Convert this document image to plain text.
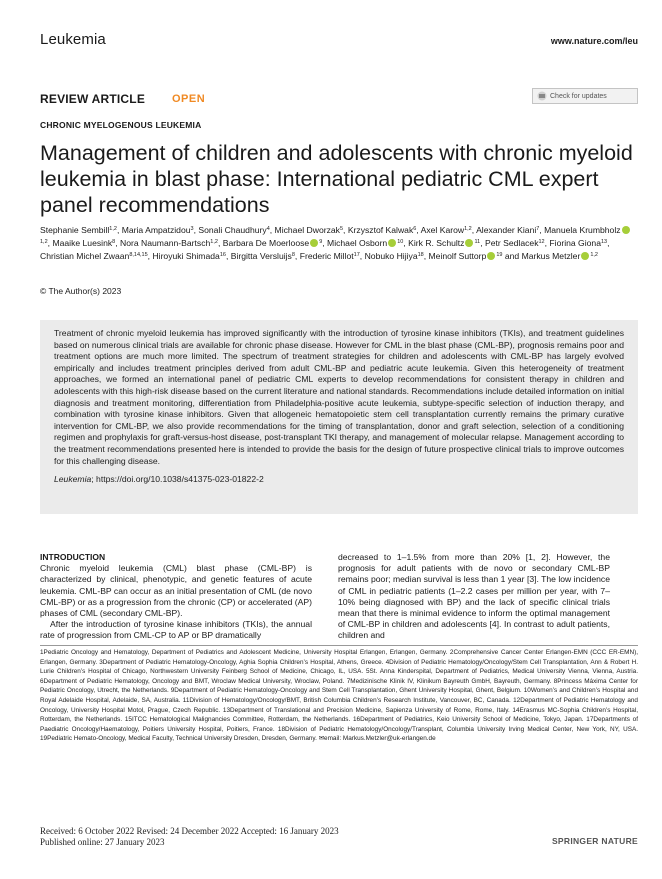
Leukemia	www.nature.com/leu
REVIEW ARTICLE OPEN	Check for updates
CHRONIC MYELOGENOUS LEUKEMIA
Management of children and adolescents with chronic myeloid leukemia in blast phase: International pediatric CML expert panel recommendations
Stephanie Sembill$^{1,2}$, Maria Ampatzidou$^3$, Sonali Chaudhury$^4$, Michael Dworzak$^5$, Krzysztof Kalwak$^6$, Axel Karow$^{1,2}$, Alexander Kiani$^7$, Manuela Krumbholz$^{1,2}$, Maaike Luesink$^8$, Nora Naumann-Bartsch$^{1,2}$, Barbara De Moerloose $^9$, Michael Osborn $^{10}$, Kirk R. Schultz $^{11}$, Petr Sedlacek$^{12}$, Fiorina Giona$^{13}$, Christian Michel Zwaan$^{8,14,15}$, Hiroyuki Shimada$^{16}$, Birgitta Versluijs$^8$, Frederic Millot$^{17}$, Nobuko Hijiya$^{18}$, Meinolf Suttorp $^{19}$ and Markus Metzler $^{1,2}$
© The Author(s) 2023

Treatment of chronic myeloid leukemia has improved significantly with the introduction of tyrosine kinase inhibitors (TKIs), and treatment guidelines based on numerous clinical trials are available for chronic phase disease. However for CML in the blast phase (CML-BP), prognosis remains poor and treatment options are much more limited. The spectrum of treatment strategies for children and adolescents with CML-BP has largely evolved empirically and includes treatment principles derived from adult CML-BP and pediatric acute leukemia. Given this heterogeneity of treatment approaches, we formed an international panel of pediatric CML experts to develop recommendations for consistent therapy in children and adolescents with this high-risk disease based on the current literature and national standards. Recommendations include detailed information on initial diagnosis and treatment monitoring, differentiation from Philadelphia-positive acute leukemia, subtype-specific selection of induction therapy, and combination with tyrosine kinase inhibitors. Given that allogeneic hematopoietic stem cell transplantation currently remains the primary curative intervention for CML-BP, we also provide recommendations for the timing of transplantation, donor and graft selection, selection of a conditioning regimen and prophylaxis for graft-versus-host disease, post-transplant TKI therapy, and management of molecular relapse. Management according to the treatment recommendations presented here is intended to provide the basis for the design of future prospective clinical trials to improve outcomes for this challenging disease.

Leukemia; https://doi.org/10.1038/s41375-023-01822-2

INTRODUCTION

Chronic myeloid leukemia (CML) blast phase (CML-BP) is characterized by clinical, phenotypic, and genetic features of acute leukemia. CML-BP can occur as an initial presentation of CML (de novo CML-BP) or as a progression from the chronic (CP) or accelerated (AP) phases of CML (secondary CML-BP).

After the introduction of tyrosine kinase inhibitors (TKIs), the annual rate of progression from CML-CP to AP or BP dramatically

decreased to 1–1.5% from more than 20% [1, 2]. However, the prognosis for adult patients with de novo or secondary CML-BP remains poor; median survival is less than 1 year [3]. The low incidence of CML in pediatric patients (1–2.2 cases per million per year, with 7–10% being diagnosed with BP) and the lack of specific clinical trials mean that there is minimal evidence to inform the optimal management of CML-BP in children and adolescents [4]. In contrast to adult patients, children and

1Pediatric Oncology and Hematology, Department of Pediatrics and Adolescent Medicine, University Hospital Erlangen, Erlangen, Germany. 2Comprehensive Cancer Center Erlangen-EMN (CCC ER-EMN), Erlangen, Germany. 3Department of Pediatric Hematology-Oncology, Aghia Sophia Children’s Hospital, Athens, Greece. 4Division of Pediatric Hematology/Oncology/Stem Cell Transplantation, Ann & Robert H. Lurie Children’s Hospital of Chicago, Northwestern University Feinberg School of Medicine, Chicago, IL, USA. 5St. Anna Kinderspital, Department of Pediatrics, Medical University Vienna, Vienna, Austria. 6Department of Pediatric Hematology, Oncology and BMT, Wroclaw Medical University, Wroclaw, Poland. 7Medizinische Klinik IV, Klinikum Bayreuth GmbH, Bayreuth, Germany. 8Princess Máxima Center for Pediatric Oncology, Utrecht, the Netherlands. 9Department of Pediatric Hematology-Oncology and Stem Cell Transplantation, Ghent University Hospital, Ghent, Belgium. 10Women’s and Children’s Hospital and Royal Adelaide Hospital, Adelaide, SA, Australia. 11Division of Hematology/Oncology/BMT, British Columbia Children’s Research Institute, Vancouver, BC, Canada. 12Department of Pediatric Hematology and Oncology, University Hospital Motol, Prague, Czech Republic. 13Department of Translational and Precision Medicine, Sapienza University of Rome, Rome, Italy. 14Erasmus MC-Sophia Children’s Hospital, Rotterdam, the Netherlands. 15ITCC Hematological Malignancies Committee, Rotterdam, the Netherlands. 16Department of Pediatrics, Keio University School of Medicine, Tokyo, Japan. 17Departments of Paediatric Oncology/Haematology, Poitiers University Hospital, Poitiers, France. 18Division of Pediatric Hematology/Oncology/Transplant, Columbia University Irving Medical Center, New York, NY, USA. 19Pediatric Hemato-Oncology, Medical Faculty, Technical University Dresden, Dresden, Germany. ✉email: Markus.Metzler@uk-erlangen.de
Received: 6 October 2022 Revised: 24 December 2022 Accepted: 16 January 2023
Published online: 27 January 2023	SPRINGER NATURE
